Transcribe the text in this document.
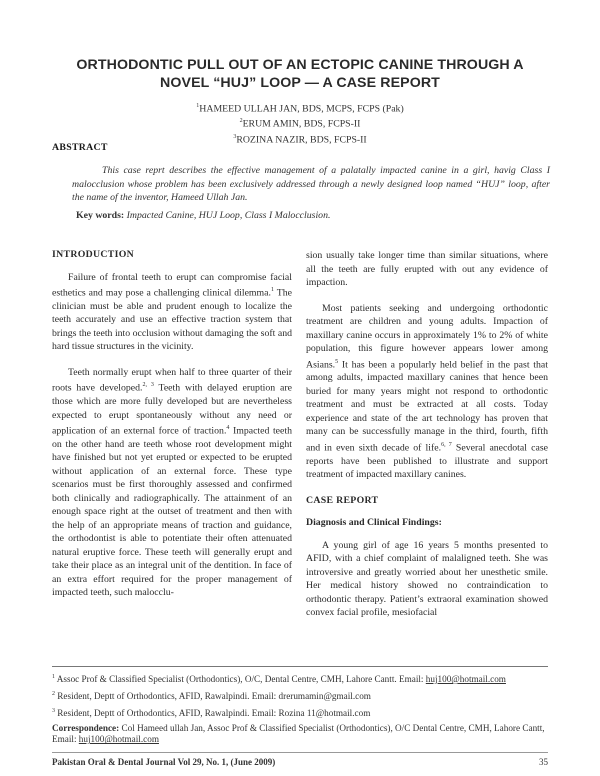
ORTHODONTIC PULL OUT OF AN ECTOPIC CANINE THROUGH A
NOVEL “HUJ” LOOP — A CASE REPORT
$^1$HAMEED ULLAH JAN, BDS, MCPS, FCPS (Pak)
$^2$ERUM AMIN, BDS, FCPS-II
$^3$ROZINA NAZIR, BDS, FCPS-II
ABSTRACT
This case reprt describes the effective management of a palatally impacted canine in a girl, havig Class I malocclusion whose problem has been exclusively addressed through a newly designed loop named “HUJ” loop, after the name of the inventor, Hameed Ullah Jan.
Key words: Impacted Canine, HUJ Loop, Class I Malocclusion.
INTRODUCTION

Failure of frontal teeth to erupt can compromise facial esthetics and may pose a challenging clinical dilemma.$^1$ The clinician must be able and prudent enough to localize the teeth accurately and use an effective traction system that brings the teeth into occlusion without damaging the soft and hard tissue structures in the vicinity.

Teeth normally erupt when half to three quarter of their roots have developed.$^{2, 3}$ Teeth with delayed eruption are those which are more fully developed but are nevertheless expected to erupt spontaneously without any need or application of an external force of traction.$^4$ Impacted teeth on the other hand are teeth whose root development might have finished but not yet erupted or expected to be erupted without application of an external force. These type scenarios must be first thoroughly assessed and confirmed both clinically and radiographically. The attainment of an enough space right at the outset of treatment and then with the help of an appropriate means of traction and guidance, the orthodontist is able to potentiate their often attenuated natural eruptive force. These teeth will generally erupt and take their place as an integral unit of the dentition. In face of an extra effort required for the proper management of impacted teeth, such malocclu-

sion usually take longer time than similar situations, where all the teeth are fully erupted with out any evidence of impaction.

Most patients seeking and undergoing orthodontic treatment are children and young adults. Impaction of maxillary canine occurs in approximately 1% to 2% of white population, this figure however appears lower among Asians.$^5$ It has been a popularly held belief in the past that among adults, impacted maxillary canines that hence been buried for many years might not respond to orthodontic treatment and must be extracted at all costs. Today experience and state of the art technology has proven that many can be successfully manage in the third, fourth, fifth and in even sixth decade of life.$^{6, 7}$ Several anecdotal case reports have been published to illustrate and support treatment of impacted maxillary canines.

CASE REPORT
Diagnosis and Clinical Findings:

A young girl of age 16 years 5 months presented to AFID, with a chief complaint of malaligned teeth. She was introversive and greatly worried about her unesthetic smile. Her medical history showed no contraindication to orthodontic therapy. Patient’s extraoral examination showed convex facial profile, mesiofacial

$^1$ Assoc Prof & Classified Specialist (Orthodontics), O/C, Dental Centre, CMH, Lahore Cantt. Email: huj100@hotmail.com

$^2$ Resident, Deptt of Orthodontics, AFID, Rawalpindi. Email: drerumamin@gmail.com

$^3$ Resident, Deptt of Orthodontics, AFID, Rawalpindi. Email: Rozina 11@hotmail.com

Correspondence: Col Hameed ullah Jan, Assoc Prof & Classified Specialist (Orthodontics), O/C Dental Centre, CMH, Lahore Cantt, Email: huj100@hotmail.com

Pakistan Oral & Dental Journal Vol 29, No. 1, (June 2009)	35
